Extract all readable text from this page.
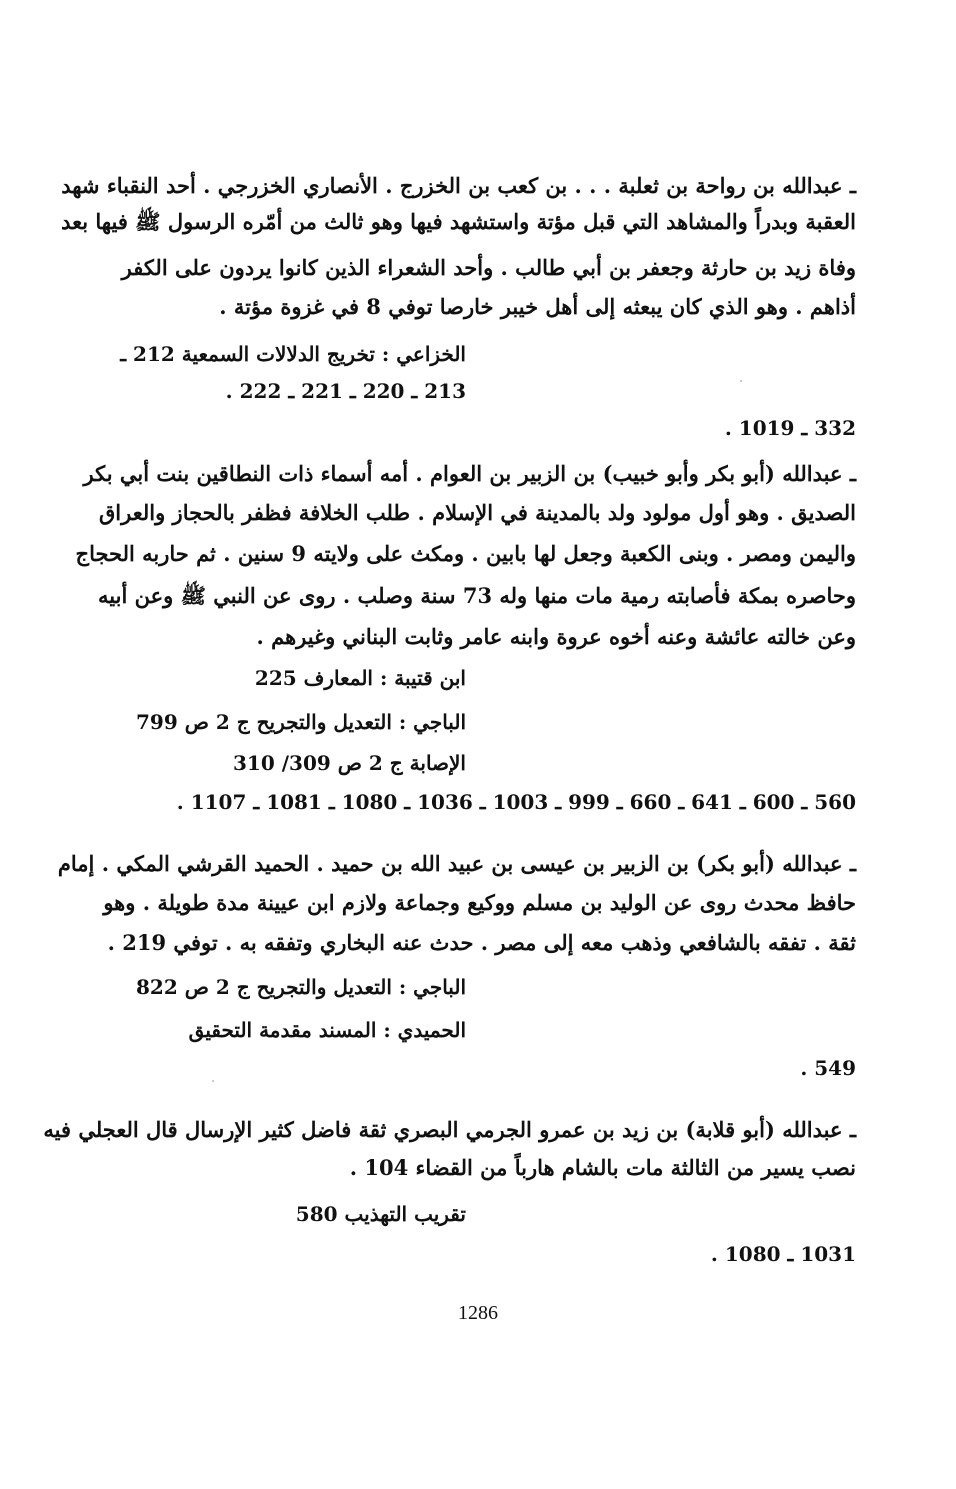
ـ عبدالله بن رواحة بن ثعلبة . . . بن كعب بن الخزرج . الأنصاري الخزرجي . أحد النقباء شهد
العقبة وبدراً والمشاهد التي قبل مؤتة واستشهد فيها وهو ثالث من أمّره الرسول ﷺ فيها بعد
وفاة زيد بن حارثة وجعفر بن أبي طالب . وأحد الشعراء الذين كانوا يردون على الكفر
أذاهم . وهو الذي كان يبعثه إلى أهل خيبر خارصا توفي 8 في غزوة مؤتة .
الخزاعي : تخريج الدلالات السمعية 212 ـ
213 ـ 220 ـ 221 ـ 222 .
332 ـ 1019 .
ـ عبدالله (أبو بكر وأبو خبيب) بن الزبير بن العوام . أمه أسماء ذات النطاقين بنت أبي بكر
الصديق . وهو أول مولود ولد بالمدينة في الإسلام . طلب الخلافة فظفر بالحجاز والعراق
واليمن ومصر . وبنى الكعبة وجعل لها بابين . ومكث على ولايته 9 سنين . ثم حاربه الحجاج
وحاصره بمكة فأصابته رمية مات منها وله 73 سنة وصلب . روى عن النبي ﷺ وعن أبيه
وعن خالته عائشة وعنه أخوه عروة وابنه عامر وثابت البناني وغيرهم .
ابن قتيبة : المعارف 225
الباجي : التعديل والتجريح ج 2 ص 799
الإصابة ج 2 ص 309/ 310
560 ـ 600 ـ 641 ـ 660 ـ 999 ـ 1003 ـ 1036 ـ 1080 ـ 1081 ـ 1107 .
ـ عبدالله (أبو بكر) بن الزبير بن عيسى بن عبيد الله بن حميد . الحميد القرشي المكي . إمام
حافظ محدث روى عن الوليد بن مسلم ووكيع وجماعة ولازم ابن عيينة مدة طويلة . وهو
ثقة . تفقه بالشافعي وذهب معه إلى مصر . حدث عنه البخاري وتفقه به . توفي 219 .
الباجي : التعديل والتجريح ج 2 ص 822
الحميدي : المسند مقدمة التحقيق
549 .
ـ عبدالله (أبو قلابة) بن زيد بن عمرو الجرمي البصري ثقة فاضل كثير الإرسال قال العجلي فيه
نصب يسير من الثالثة مات بالشام هارباً من القضاء 104 .
تقريب التهذيب 580
1031 ـ 1080 .
1286
